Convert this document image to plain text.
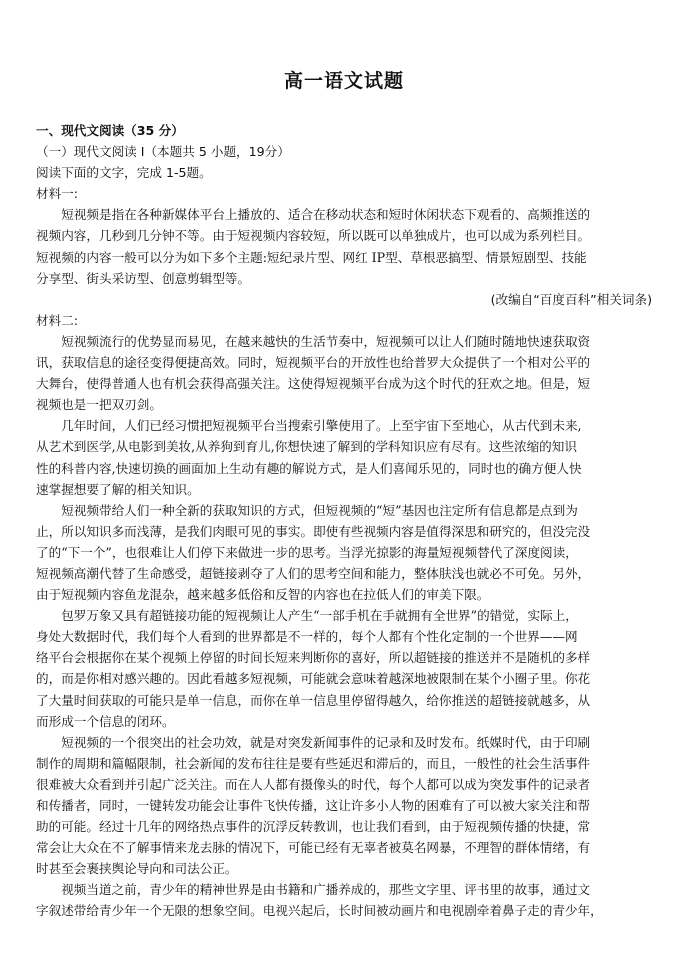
高一语文试题
一、现代文阅读（35 分）
（一）现代文阅读 I（本题共 5 小题，19分）
阅读下面的文字，完成 1-5题。
材料一:
短视频是指在各种新媒体平台上播放的、适合在移动状态和短时休闲状态下观看的、高频推送的
视频内容，几秒到几分钟不等。由于短视频内容较短，所以既可以单独成片，也可以成为系列栏目。
短视频的内容一般可以分为如下多个主题:短纪录片型、网红 IP型、草根恶搞型、情景短剧型、技能
分享型、街头采访型、创意剪辑型等。
(改编自“百度百科”相关词条)
材料二:
短视频流行的优势显而易见，在越来越快的生活节奏中，短视频可以让人们随时随地快速获取资
讯，获取信息的途径变得便捷高效。同时，短视频平台的开放性也给普罗大众提供了一个相对公平的
大舞台，使得普通人也有机会获得高强关注。这使得短视频平台成为这个时代的狂欢之地。但是，短
视频也是一把双刃剑。
几年时间，人们已经习惯把短视频平台当搜索引擎使用了。上至宇宙下至地心，从古代到未来,
从艺术到医学,从电影到美妆,从养狗到育儿,你想快速了解到的学科知识应有尽有。这些浓缩的知识
性的科普内容,快速切换的画面加上生动有趣的解说方式，是人们喜闻乐见的，同时也的确方便人快
速掌握想要了解的相关知识。
短视频带给人们一种全新的获取知识的方式，但短视频的“短”基因也注定所有信息都是点到为
止，所以知识多而浅薄，是我们肉眼可见的事实。即使有些视频内容是值得深思和研究的，但没完没
了的“下一个”，也很难让人们停下来做进一步的思考。当浮光掠影的海量短视频替代了深度阅读，
短视频高潮代替了生命感受，超链接剥夺了人们的思考空间和能力，整体肤浅也就必不可免。另外，
由于短视频内容鱼龙混杂，越来越多低俗和反智的内容也在拉低人们的审美下限。
包罗万象又具有超链接功能的短视频让人产生“一部手机在手就拥有全世界”的错觉，实际上，
身处大数据时代，我们每个人看到的世界都是不一样的，每个人都有个性化定制的一个世界——网
络平台会根据你在某个视频上停留的时间长短来判断你的喜好，所以超链接的推送并不是随机的多样
的，而是你相对感兴趣的。因此看越多短视频，可能就会意味着越深地被限制在某个小圈子里。你花
了大量时间获取的可能只是单一信息，而你在单一信息里停留得越久，给你推送的超链接就越多，从
而形成一个信息的闭环。
短视频的一个很突出的社会功效，就是对突发新闻事件的记录和及时发布。纸媒时代，由于印刷
制作的周期和篇幅限制，社会新闻的发布往往是要有些延迟和滞后的，而且，一般性的社会生活事件
很难被大众看到并引起广泛关注。而在人人都有摄像头的时代，每个人都可以成为突发事件的记录者
和传播者，同时，一键转发功能会让事件飞快传播，这让许多小人物的困难有了可以被大家关注和帮
助的可能。经过十几年的网络热点事件的沉浮反转教训，也让我们看到，由于短视频传播的快捷，常
常会让大众在不了解事情来龙去脉的情况下，可能已经有无辜者被莫名网暴，不理智的群体情绪，有
时甚至会裹挟舆论导向和司法公正。
视频当道之前，青少年的精神世界是由书籍和广播养成的，那些文字里、评书里的故事，通过文
字叙述带给青少年一个无限的想象空间。电视兴起后，长时间被动画片和电视剧牵着鼻子走的青少年，
